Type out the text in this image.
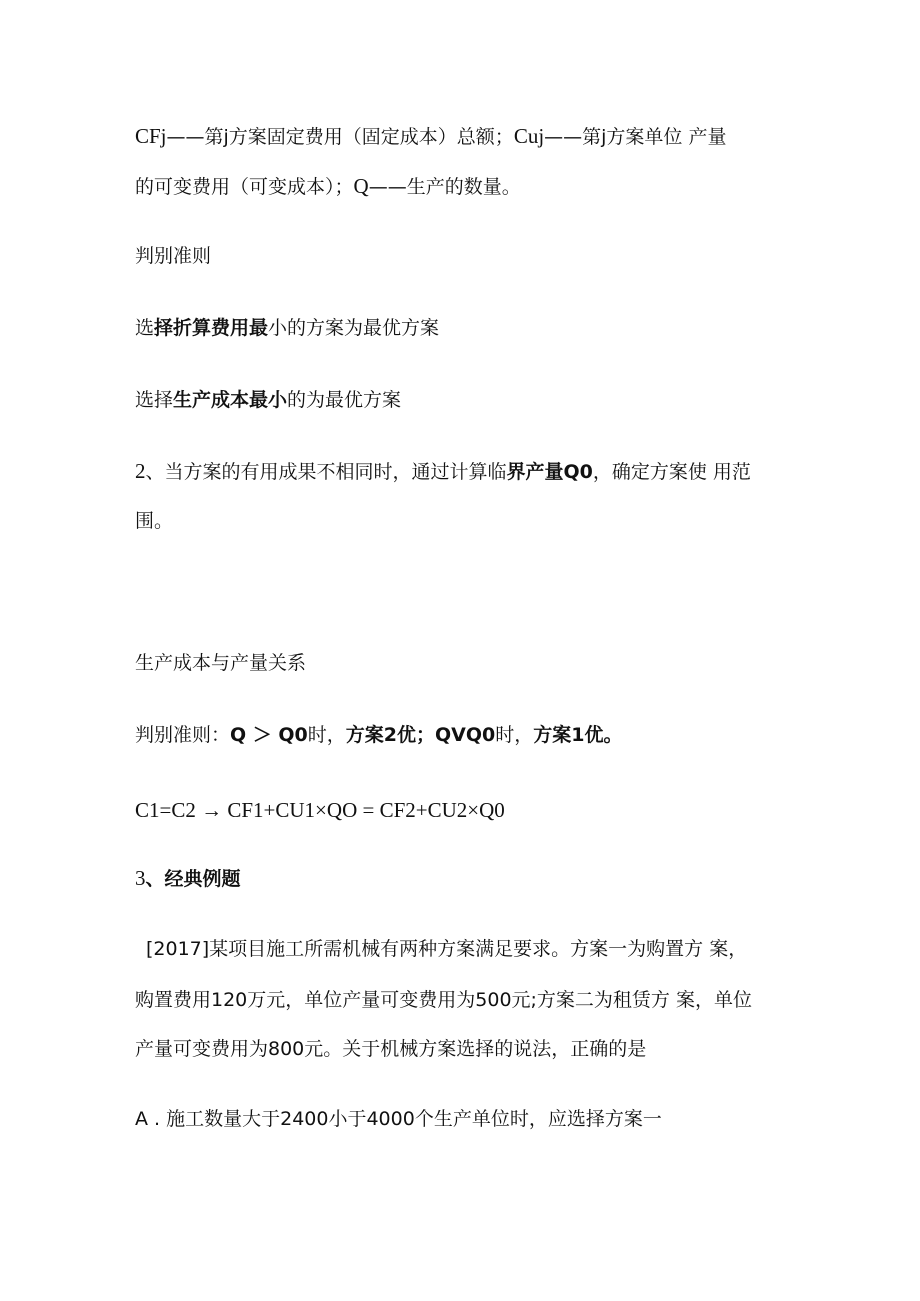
CFj——第j方案固定费用（固定成本）总额；Cuj——第j方案单位 产量
的可变费用（可变成本）；Q——生产的数量。
判别准则
选择折算费用最小的方案为最优方案
选择生产成本最小的为最优方案
2、当方案的有用成果不相同时，通过计算临界产量Q0，确定方案使 用范
围。
生产成本与产量关系
判别准则：Q ＞ Q0时，方案2优；QVQ0时，方案1优。
C1=C2 → CF1+CU1×QO = CF2+CU2×Q0
3、经典例题
[2017]某项目施工所需机械有两种方案满足要求。方案一为购置方 案，
购置费用120万元，单位产量可变费用为500元;方案二为租赁方 案，单位
产量可变费用为800元。关于机械方案选择的说法，正确的是
A . 施工数量大于2400小于4000个生产单位时，应选择方案一
